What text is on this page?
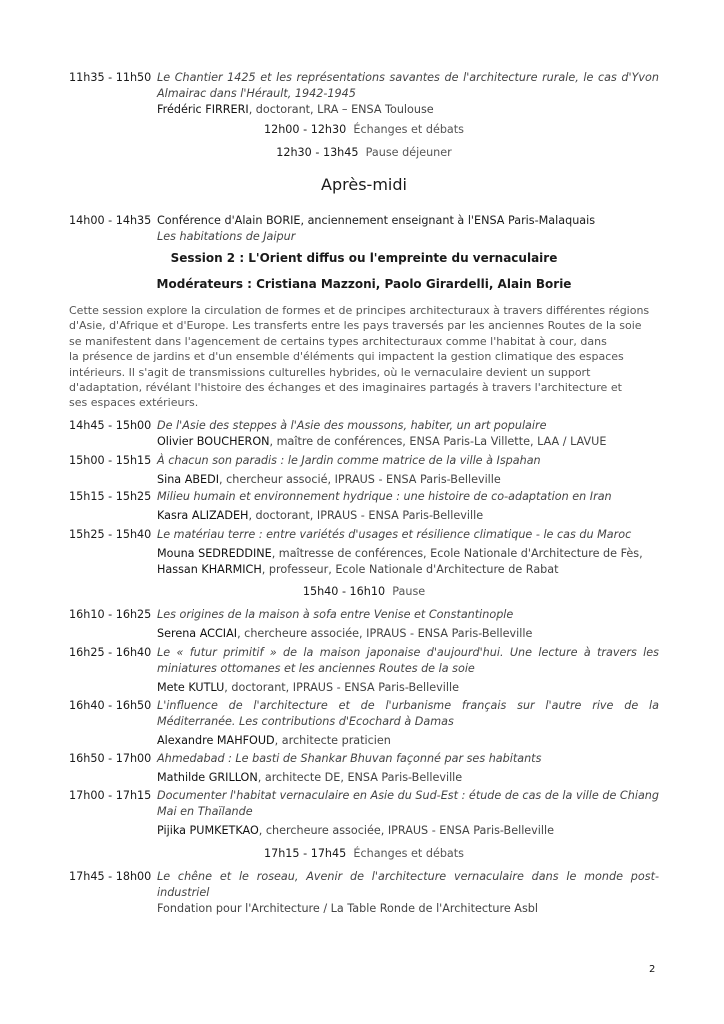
11h35 - 11h50 Le Chantier 1425 et les représentations savantes de l'architecture rurale, le cas d'Yvon Almairac dans l'Hérault, 1942-1945
Frédéric FIRRERI, doctorant, LRA – ENSA Toulouse
12h00 - 12h30 Échanges et débats
12h30 - 13h45 Pause déjeuner
Après-midi
14h00 - 14h35 Conférence d'Alain BORIE, anciennement enseignant à l'ENSA Paris-Malaquais
Les habitations de Jaipur
Session 2 : L'Orient diffus ou l'empreinte du vernaculaire
Modérateurs : Cristiana Mazzoni, Paolo Girardelli, Alain Borie
Cette session explore la circulation de formes et de principes architecturaux à travers différentes régions
d'Asie, d'Afrique et d'Europe. Les transferts entre les pays traversés par les anciennes Routes de la soie
se manifestent dans l'agencement de certains types architecturaux comme l'habitat à cour, dans
la présence de jardins et d'un ensemble d'éléments qui impactent la gestion climatique des espaces
intérieurs. Il s'agit de transmissions culturelles hybrides, où le vernaculaire devient un support
d'adaptation, révélant l'histoire des échanges et des imaginaires partagés à travers l'architecture et
ses espaces extérieurs.
14h45 - 15h00 De l'Asie des steppes à l'Asie des moussons, habiter, un art populaire
Olivier BOUCHERON, maître de conférences, ENSA Paris-La Villette, LAA / LAVUE
15h00 - 15h15 À chacun son paradis : le Jardin comme matrice de la ville à Ispahan
Sina ABEDI, chercheur associé, IPRAUS - ENSA Paris-Belleville
15h15 - 15h25 Milieu humain et environnement hydrique : une histoire de co-adaptation en Iran
Kasra ALIZADEH, doctorant, IPRAUS - ENSA Paris-Belleville
15h25 - 15h40 Le matériau terre : entre variétés d'usages et résilience climatique - le cas du Maroc
Mouna SEDREDDINE, maîtresse de conférences, Ecole Nationale d'Architecture de Fès,
Hassan KHARMICH, professeur, Ecole Nationale d'Architecture de Rabat
15h40 - 16h10 Pause
16h10 - 16h25 Les origines de la maison à sofa entre Venise et Constantinople
Serena ACCIAI, chercheure associée, IPRAUS - ENSA Paris-Belleville
16h25 - 16h40 Le « futur primitif » de la maison japonaise d'aujourd'hui. Une lecture à travers les miniatures ottomanes et les anciennes Routes de la soie
Mete KUTLU, doctorant, IPRAUS - ENSA Paris-Belleville
16h40 - 16h50 L'influence de l'architecture et de l'urbanisme français sur l'autre rive de la Méditerranée. Les contributions d'Ecochard à Damas
Alexandre MAHFOUD, architecte praticien
16h50 - 17h00 Ahmedabad : Le basti de Shankar Bhuvan façonné par ses habitants
Mathilde GRILLON, architecte DE, ENSA Paris-Belleville
17h00 - 17h15 Documenter l'habitat vernaculaire en Asie du Sud-Est : étude de cas de la ville de Chiang Mai en Thaïlande
Pijika PUMKETKAO, chercheure associée, IPRAUS - ENSA Paris-Belleville
17h15 - 17h45 Échanges et débats
17h45 - 18h00 Le chêne et le roseau, Avenir de l'architecture vernaculaire dans le monde post-industriel
Fondation pour l'Architecture / La Table Ronde de l'Architecture Asbl
2
